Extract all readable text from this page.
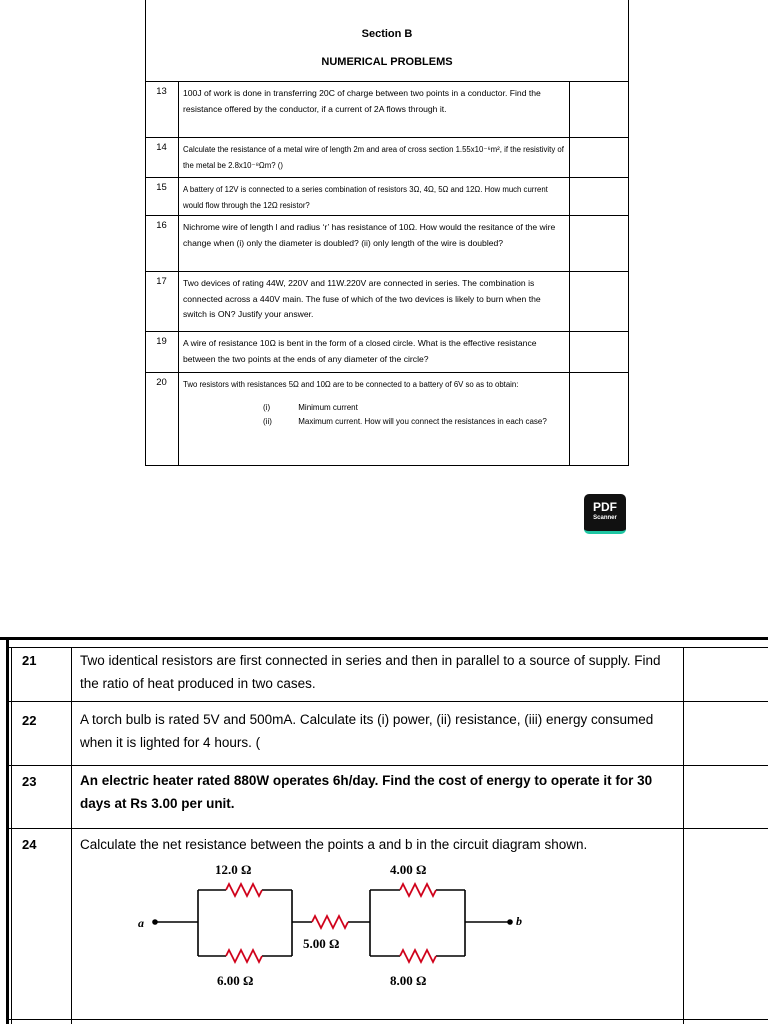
Section B
NUMERICAL PROBLEMS
13	100J of work is done in transferring 20C of charge between two points in a conductor. Find the resistance offered by the conductor, if a current of 2A flows through it.
14	Calculate the resistance of a metal wire of length 2m and area of cross section 1.55x10⁻⁶m², if the resistivity of the metal be 2.8x10⁻⁸Ωm? ()
15	A battery of 12V is connected to a series combination of resistors 3Ω, 4Ω, 5Ω and 12Ω. How much current would flow through the 12Ω resistor?
16	Nichrome wire of length l and radius ‘r’ has resistance of 10Ω. How would the resitance of the wire change when (i) only the diameter is doubled? (ii) only length of the wire is doubled?
17	Two devices of rating 44W, 220V and 11W.220V are connected in series. The combination is connected across a 440V main. The fuse of which of the two devices is likely to burn when the switch is ON? Justify your answer.
19	A wire of resistance 10Ω is bent in the form of a closed circle. What is the effective resistance between the two points at the ends of any diameter of the circle?
20	Two resistors with resistances 5Ω and 10Ω are to be connected to a battery of 6V so as to obtain:
(i)	Minimum current
(ii)	Maximum current. How will you connect the resistances in each case?
PDF
Scanner
21	Two identical resistors are first connected in series and then in parallel to a source of supply. Find the ratio of heat produced in two cases.
22	A torch bulb is rated 5V and 500mA. Calculate its (i) power, (ii) resistance, (iii) energy consumed when it is lighted for 4 hours. (
23	An electric heater rated 880W operates 6h/day. Find the cost of energy to operate it for 30 days at Rs 3.00 per unit.
24	Calculate the net resistance between the points a and b in the circuit diagram shown.
a	b
12.0 Ω
6.00 Ω
5.00 Ω
4.00 Ω
8.00 Ω
